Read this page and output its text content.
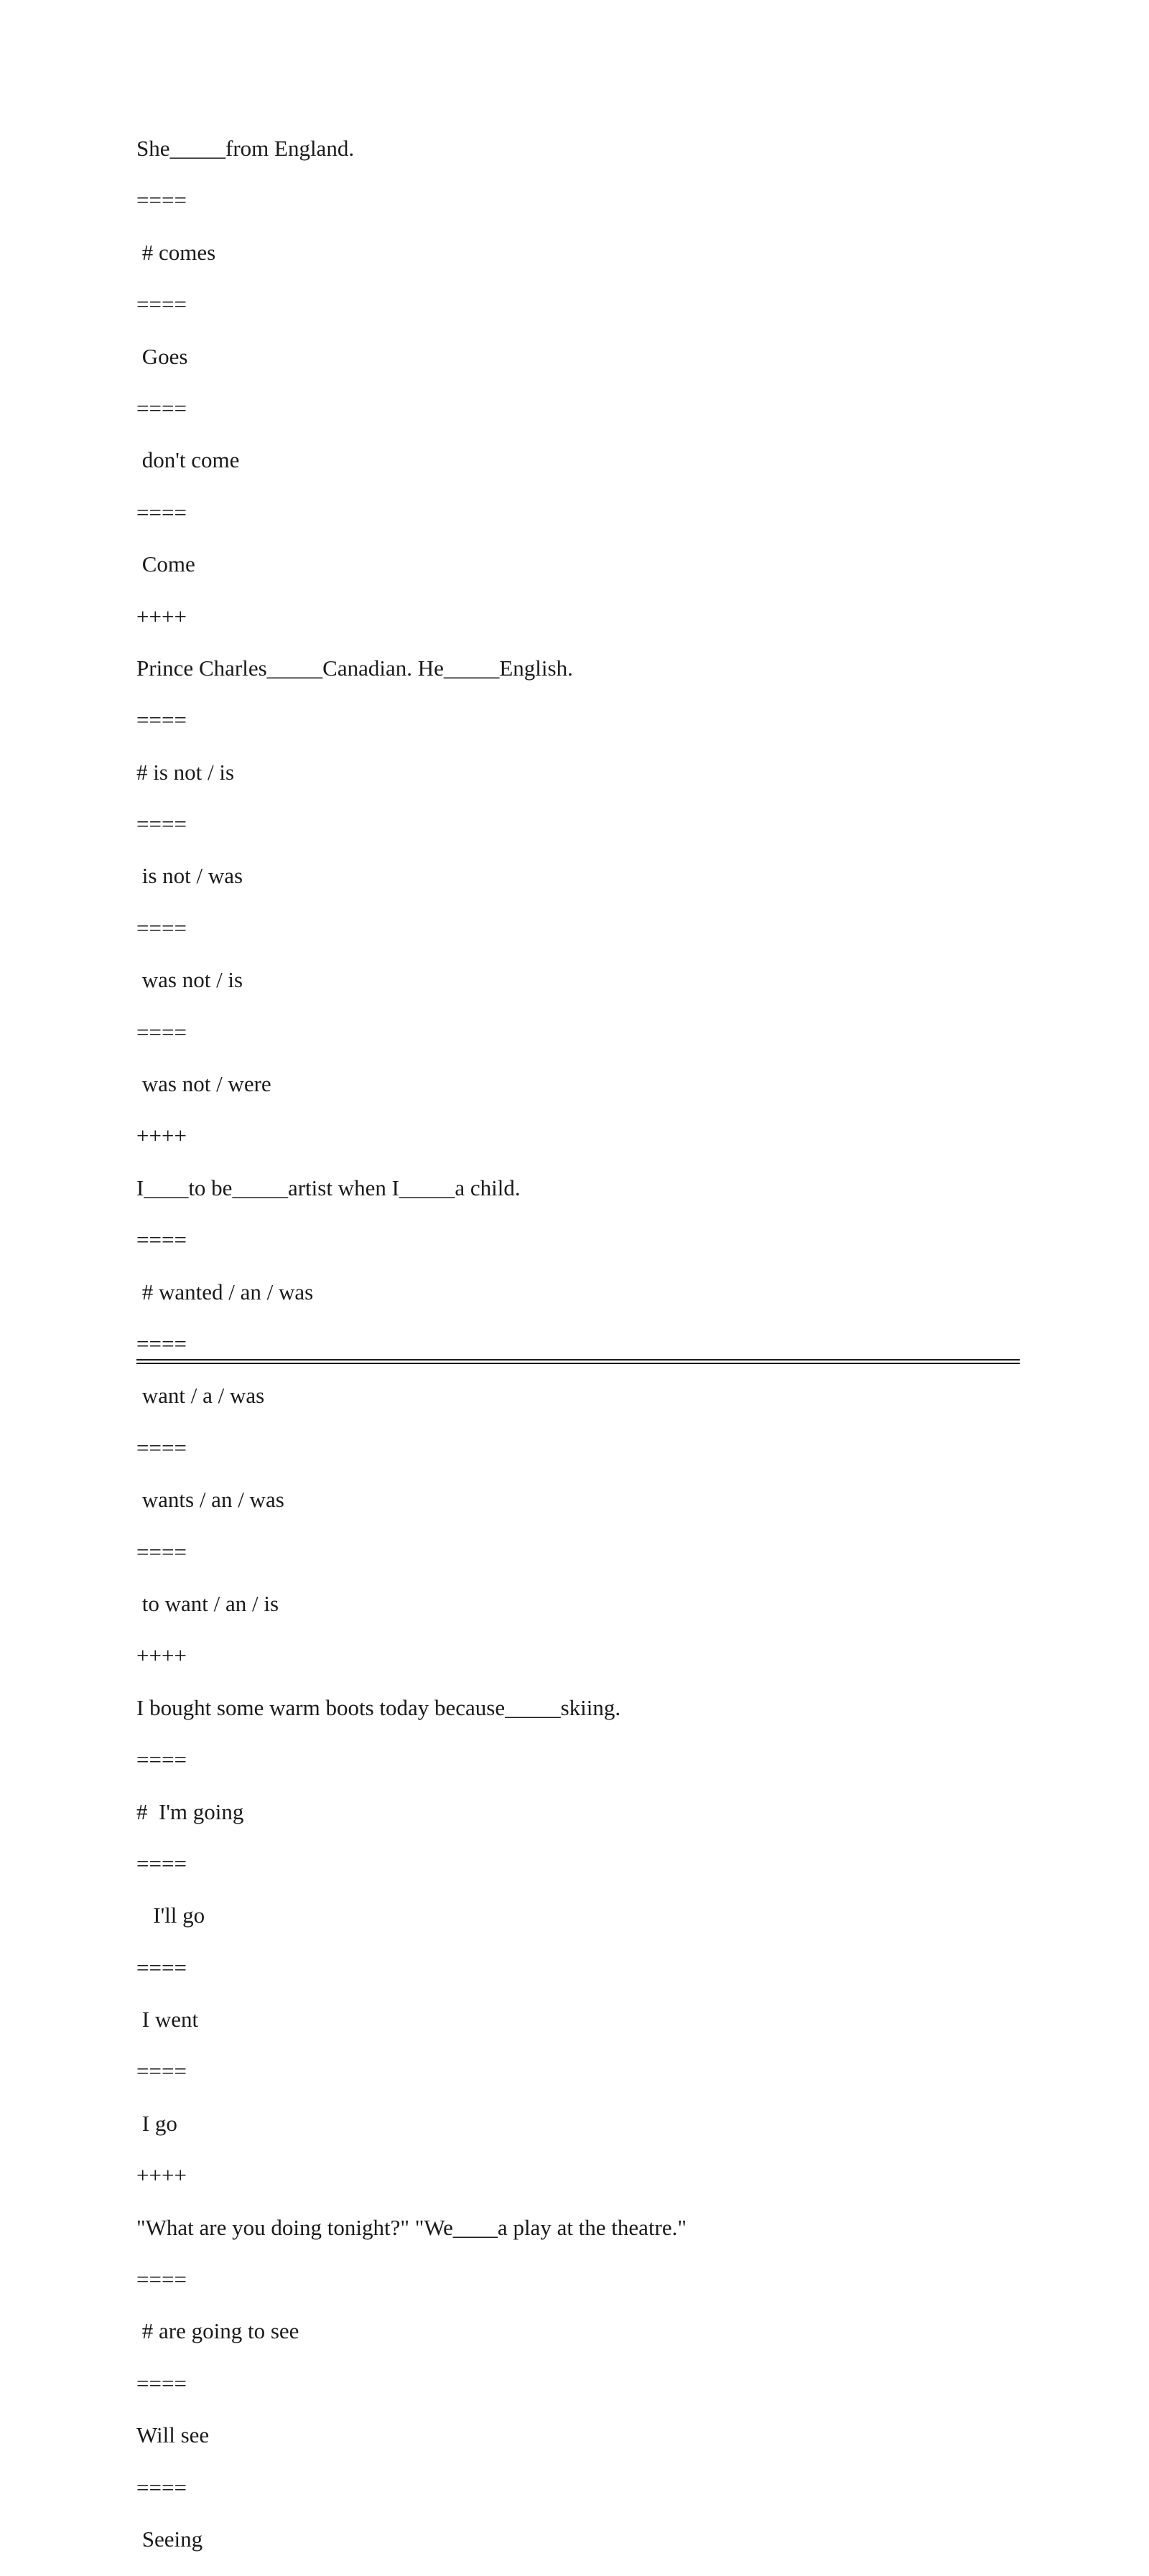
She_____from England.
====
# comes
====
Goes
====
don't come
====
Come
++++
Prince Charles_____Canadian. He_____English.
====
# is not / is
====
is not / was
====
was not / is
====
was not / were
++++
I____to be_____artist when I_____a child.
====
# wanted / an / was
====
want / a / was
====
wants / an / was
====
to want / an / is
++++
I bought some warm boots today because_____skiing.
====
#  I'm going
====
I'll go
====
I went
====
I go
++++
"What are you doing tonight?" "We____a play at the theatre."
====
# are going to see
====
Will see
====
Seeing
